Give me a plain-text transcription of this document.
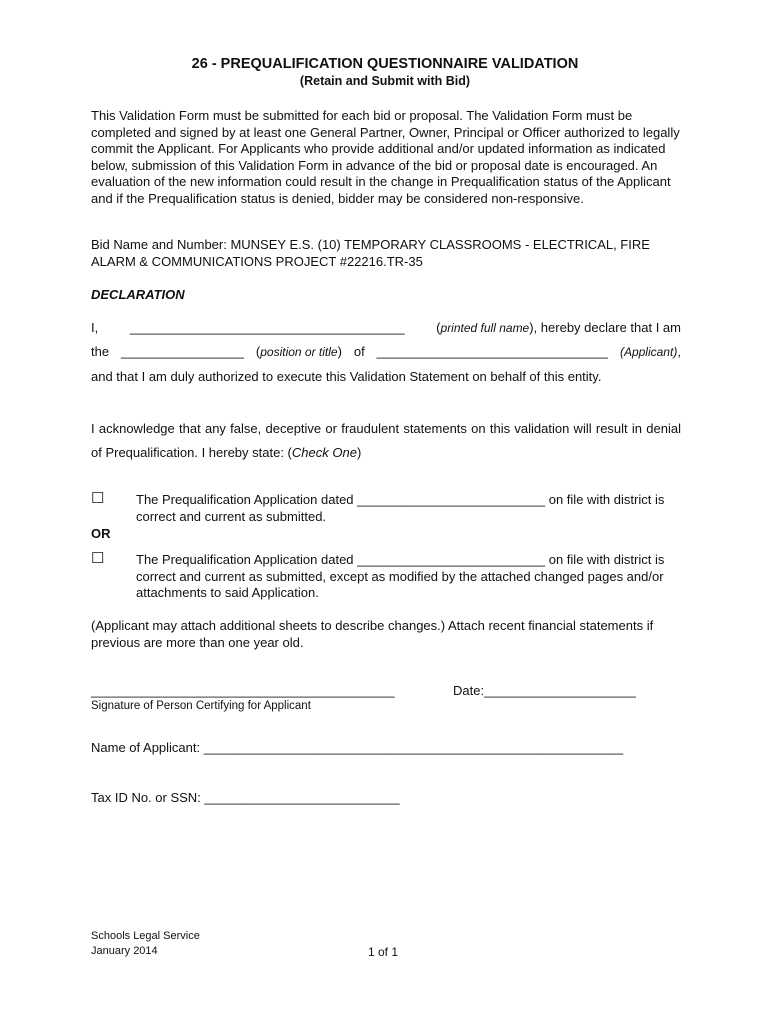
26 - PREQUALIFICATION QUESTIONNAIRE VALIDATION
(Retain and Submit with Bid)
This Validation Form must be submitted for each bid or proposal. The Validation Form must be completed and signed by at least one General Partner, Owner, Principal or Officer authorized to legally commit the Applicant. For Applicants who provide additional and/or updated information as indicated below, submission of this Validation Form in advance of the bid or proposal date is encouraged. An evaluation of the new information could result in the change in Prequalification status of the Applicant and if the Prequalification status is denied, bidder may be considered non-responsive.
Bid Name and Number: MUNSEY E.S. (10) TEMPORARY CLASSROOMS - ELECTRICAL, FIRE ALARM & COMMUNICATIONS PROJECT #22216.TR-35
DECLARATION
I, ______________________________________ (printed full name), hereby declare that I am
the _________________ (position or title) of ________________________________ (Applicant),
and that I am duly authorized to execute this Validation Statement on behalf of this entity.
I acknowledge that any false, deceptive or fraudulent statements on this validation will result in denial of Prequalification. I hereby state: (Check One)
☐ The Prequalification Application dated __________________________ on file with district is correct and current as submitted.
OR
☐ The Prequalification Application dated __________________________ on file with district is correct and current as submitted, except as modified by the attached changed pages and/or attachments to said Application.
(Applicant may attach additional sheets to describe changes.) Attach recent financial statements if previous are more than one year old.
__________________________________________
Signature of Person Certifying for Applicant
Date:_____________________
Name of Applicant: __________________________________________________________
Tax ID No. or SSN: ___________________________
Schools Legal Service
January 2014	1 of 1
